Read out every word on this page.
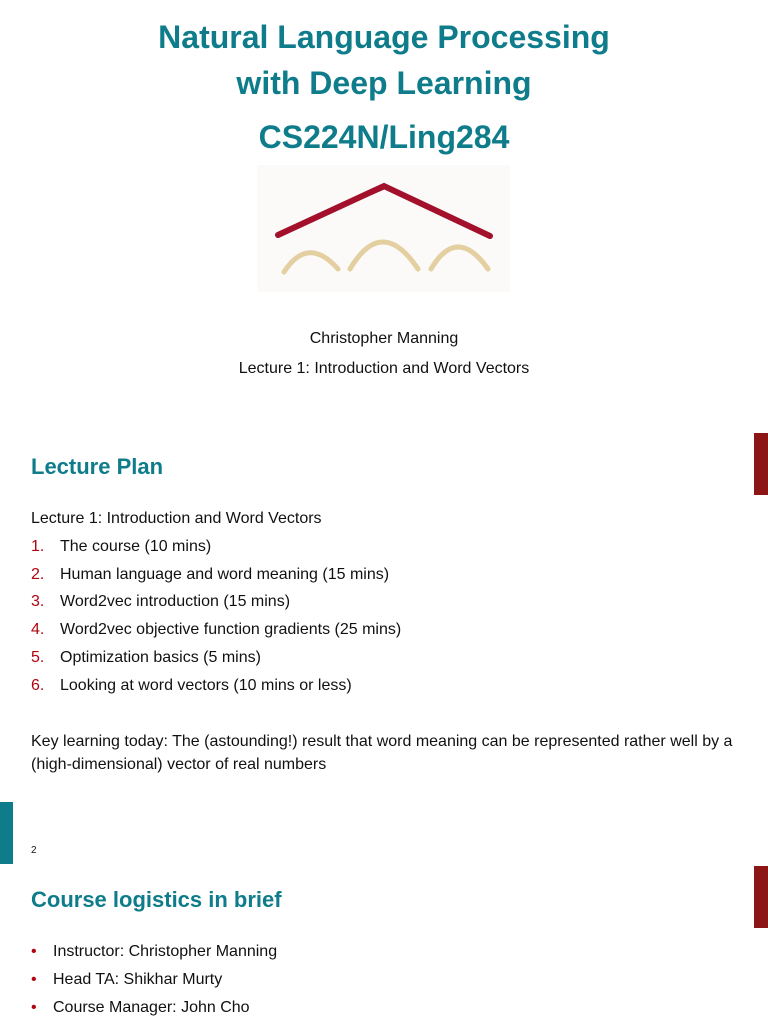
Natural Language Processing
with Deep Learning
CS224N/Ling284
Christopher Manning
Lecture 1: Introduction and Word Vectors
Lecture Plan
Lecture 1: Introduction and Word Vectors
1. The course (10 mins)
2. Human language and word meaning (15 mins)
3. Word2vec introduction (15 mins)
4. Word2vec objective function gradients (25 mins)
5. Optimization basics (5 mins)
6. Looking at word vectors (10 mins or less)
Key learning today: The (astounding!) result that word meaning can be represented rather well by a (high-dimensional) vector of real numbers
2
Course logistics in brief
• Instructor: Christopher Manning
• Head TA: Shikhar Murty
• Course Manager: John Cho
